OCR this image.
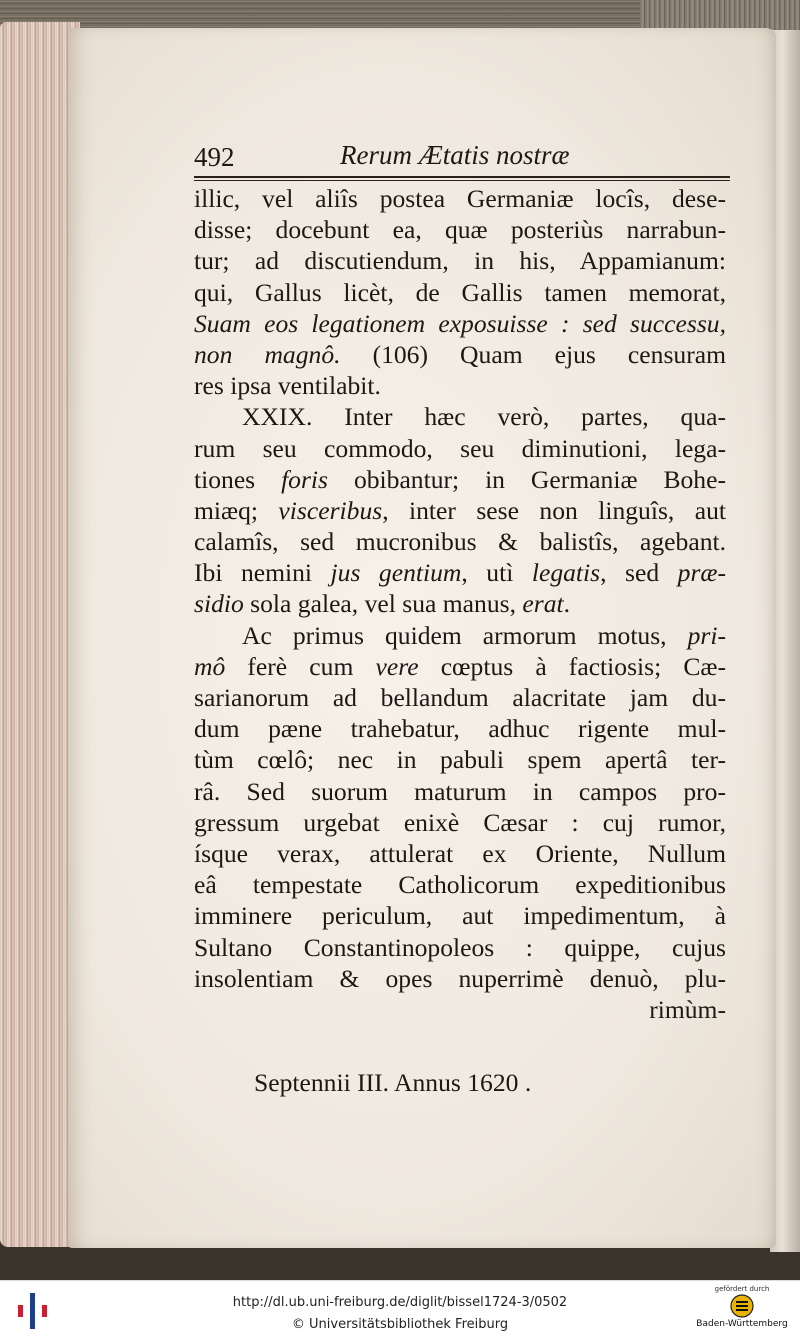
492	Rerum Ætatis nostræ
illic, vel aliîs postea Germaniæ locîs, dese-
disse; docebunt ea, quæ posteriùs narrabun-
tur; ad discutiendum, in his, Appamianum:
qui, Gallus licèt, de Gallis tamen memorat,
Suam eos legationem exposuisse : sed successu,
non magnô. (106) Quam ejus censuram
res ipsa ventilabit.
XXIX. Inter hæc verò, partes, qua-
rum seu commodo, seu diminutioni, lega-
tiones foris obibantur; in Germaniæ Bohe-
miæq; visceribus, inter sese non linguîs, aut
calamîs, sed mucronibus & balistîs, agebant.
Ibi nemini jus gentium, utì legatis, sed præ-
sidio sola galea, vel sua manus, erat.
Ac primus quidem armorum motus, pri-
mô ferè cum vere cœptus à factiosis; Cæ-
sarianorum ad bellandum alacritate jam du-
dum pæne trahebatur, adhuc rigente mul-
tùm cœlô; nec in pabuli spem apertâ ter-
râ. Sed suorum maturum in campos pro-
gressum urgebat enixè Cæsar : cuj rumor,
ísque verax, attulerat ex Oriente, Nullum
eâ tempestate Catholicorum expeditionibus
imminere periculum, aut impedimentum, à
Sultano Constantinopoleos : quippe, cujus
insolentiam & opes nuperrimè denuò, plu-
rimùm-
Septennii III. Annus 1620 .
http://dl.ub.uni-freiburg.de/diglit/bissel1724-3/0502
© Universitätsbibliothek Freiburg
gefördert durch
Baden-Württemberg
